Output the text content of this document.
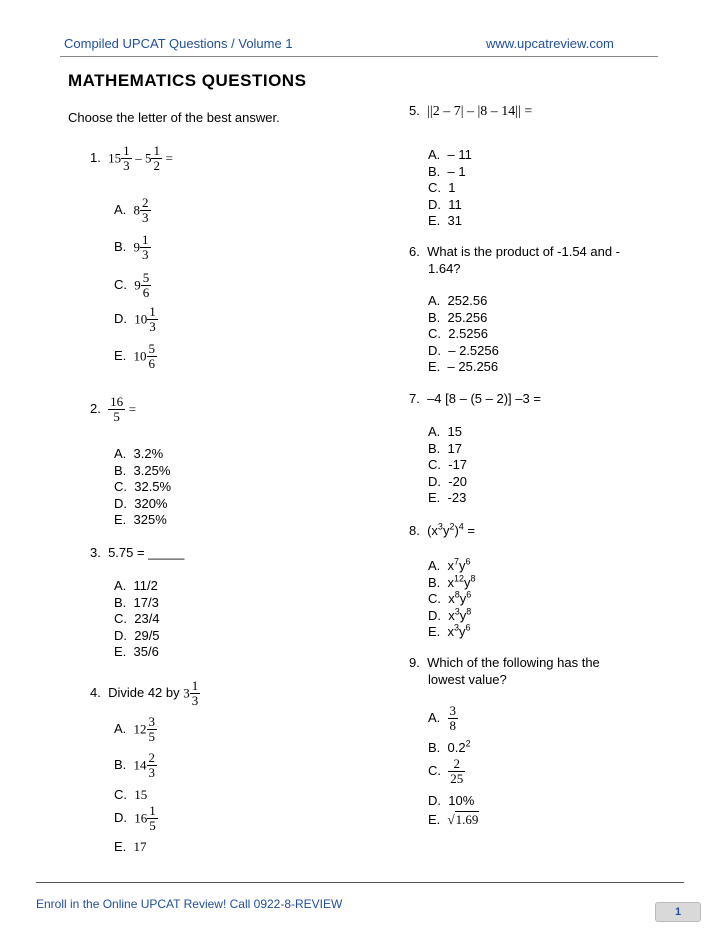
Compiled UPCAT Questions / Volume 1	www.upcatreview.com
MATHEMATICS QUESTIONS
Choose the letter of the best answer.
1. $15 \frac{1}{3} - 5 \frac{1}{2}$ =
A. $8 \frac{2}{3}$
B. $9 \frac{1}{3}$
C. $9 \frac{5}{6}$
D. $10 \frac{1}{3}$
E. $10 \frac{5}{6}$
2. $\frac{16}{5}$ =
A. 3.2%
B. 3.25%
C. 32.5%
D. 320%
E. 325%
3. 5.75 = _____
A. 11/2
B. 17/3
C. 23/4
D. 29/5
E. 35/6
4. Divide 42 by $3 \frac{1}{3}$
A. $12 \frac{3}{5}$
B. $14 \frac{2}{3}$
C. 15
D. $16 \frac{1}{5}$
E. 17
5. ||2 – 7| – |8 – 14|| =
A. – 11
B. – 1
C. 1
D. 11
E. 31
6. What is the product of -1.54 and -
1.64?
A. 252.56
B. 25.256
C. 2.5256
D. – 2.5256
E. – 25.256
7. –4 [8 – (5 – 2)] –3 =
A. 15
B. 17
C. -17
D. -20
E. -23
8. $(x^3y^2)^4$ =
A. $x^7y^6$
B. $x^{12}y^8$
C. $x^8y^6$
D. $x^3y^8$
E. $x^3y^6$
9. Which of the following has the
lowest value?
A. $\frac{3}{8}$
B. $0.2^2$
C. $\frac{2}{25}$
D. 10%
E. √1.69
Enroll in the Online UPCAT Review! Call 0922-8-REVIEW
1
